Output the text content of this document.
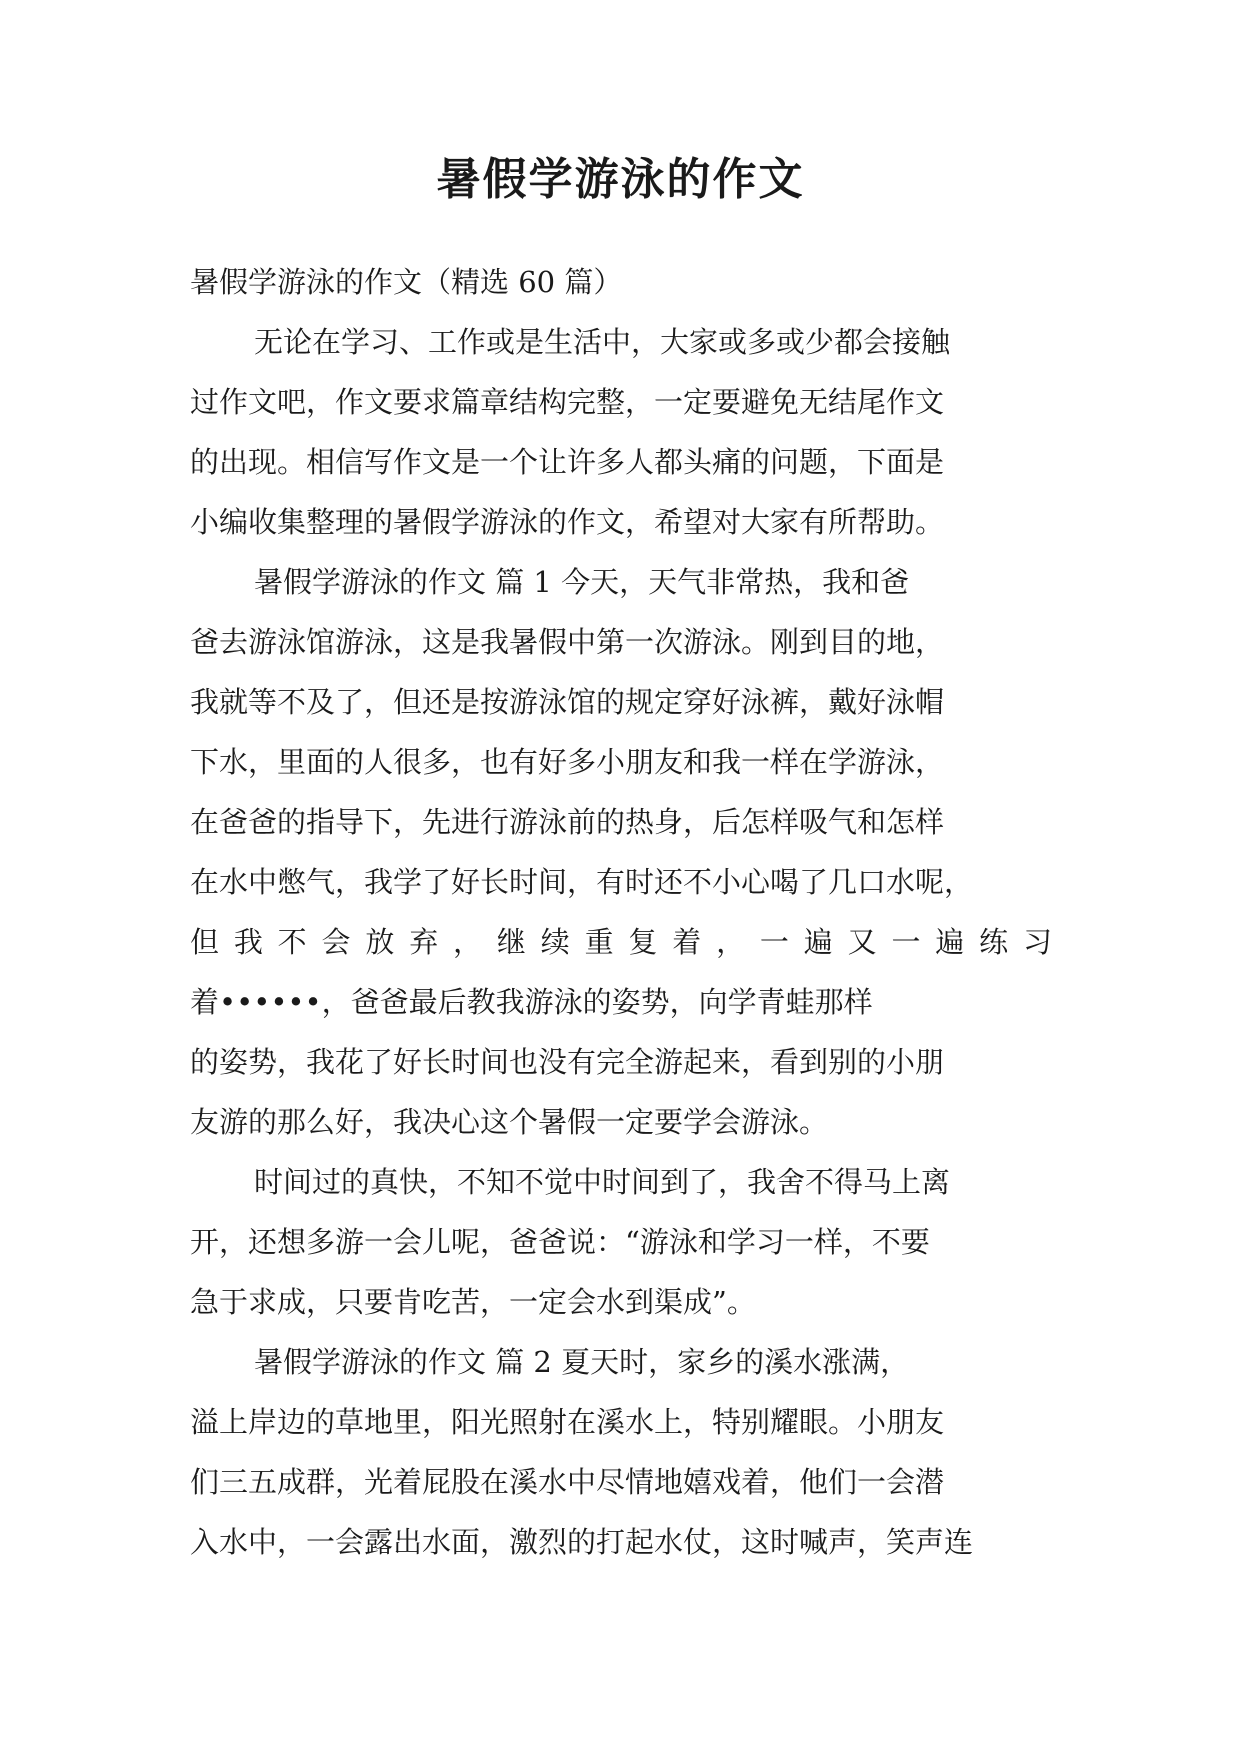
暑假学游泳的作文
暑假学游泳的作文（精选 60 篇）
无论在学习、工作或是生活中，大家或多或少都会接触
过作文吧，作文要求篇章结构完整，一定要避免无结尾作文
的出现。相信写作文是一个让许多人都头痛的问题，下面是
小编收集整理的暑假学游泳的作文，希望对大家有所帮助。
暑假学游泳的作文 篇 1 今天，天气非常热，我和爸
爸去游泳馆游泳，这是我暑假中第一次游泳。刚到目的地，
我就等不及了，但还是按游泳馆的规定穿好泳裤，戴好泳帽
下水，里面的人很多，也有好多小朋友和我一样在学游泳，
在爸爸的指导下，先进行游泳前的热身，后怎样吸气和怎样
在水中憋气，我学了好长时间，有时还不小心喝了几口水呢，
但我不会放弃，继续重复着，一遍又一遍练习
着••••••，爸爸最后教我游泳的姿势，向学青蛙那样
的姿势，我花了好长时间也没有完全游起来，看到别的小朋
友游的那么好，我决心这个暑假一定要学会游泳。
时间过的真快，不知不觉中时间到了，我舍不得马上离
开，还想多游一会儿呢，爸爸说：“游泳和学习一样，不要
急于求成，只要肯吃苦，一定会水到渠成”。
暑假学游泳的作文 篇 2 夏天时，家乡的溪水涨满，
溢上岸边的草地里，阳光照射在溪水上，特别耀眼。小朋友
们三五成群，光着屁股在溪水中尽情地嬉戏着，他们一会潜
入水中，一会露出水面，激烈的打起水仗，这时喊声，笑声连
